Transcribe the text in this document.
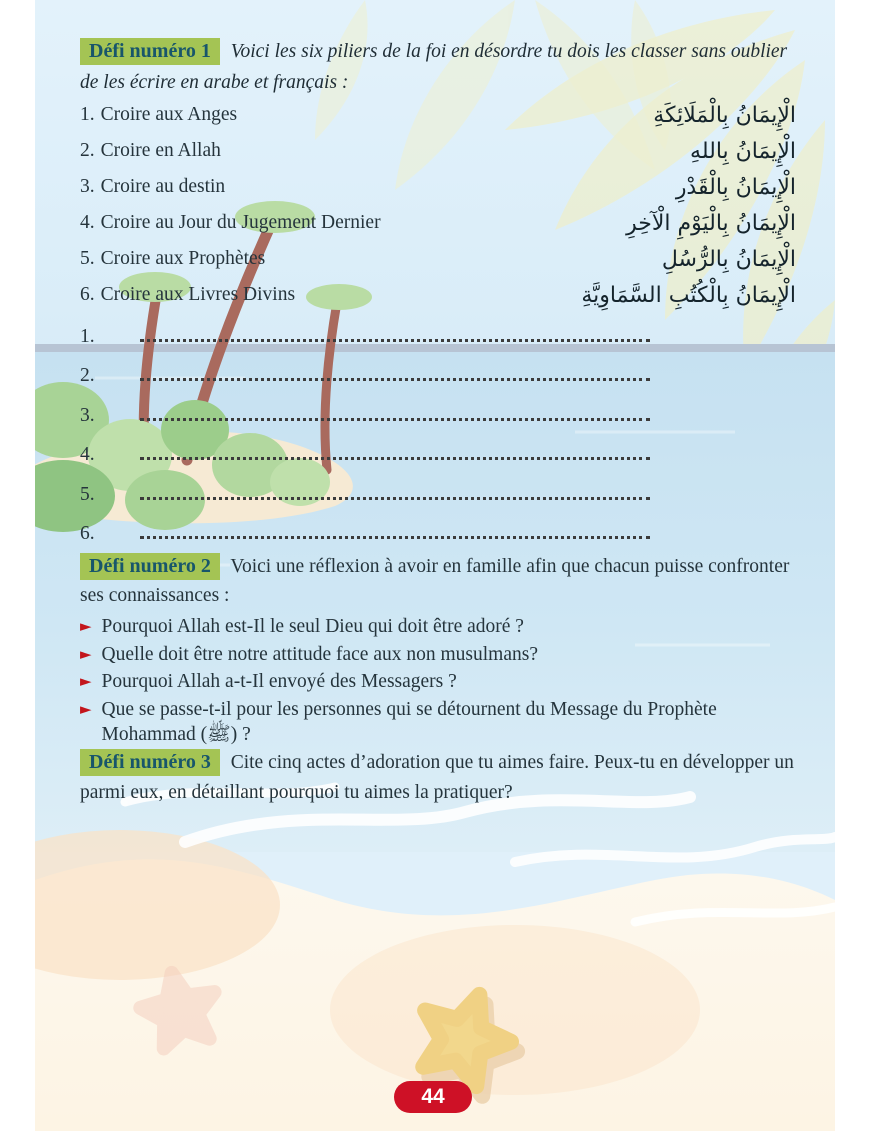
Défi numéro 1 Voici les six piliers de la foi en désordre tu dois les classer sans oublier de les écrire en arabe et français :

1. Croire aux Anges	الْإِيمَانُ بِالْمَلَائِكَةِ
2. Croire en Allah	الْإِيمَانُ بِاللهِ
3. Croire au destin	الْإِيمَانُ بِالْقَدْرِ
4. Croire au Jour du Jugement Dernier	الْإِيمَانُ بِالْيَوْمِ الْآخِرِ
5. Croire aux Prophètes	الْإِيمَانُ بِالرُّسُلِ
6. Croire aux Livres Divins	الْإِيمَانُ بِالْكُتُبِ السَّمَاوِيَّةِ
1.
2.
3.
4.
5.
6.

Défi numéro 2 Voici une réflexion à avoir en famille afin que chacun puisse confronter ses connaissances :

► Pourquoi Allah est-Il le seul Dieu qui doit être adoré ?
► Quelle doit être notre attitude face aux non musulmans?
► Pourquoi Allah a-t-Il envoyé des Messagers ?
► Que se passe-t-il pour les personnes qui se détournent du Message du Prophète Mohammad (ﷺ) ?

Défi numéro 3 Cite cinq actes d’adoration que tu aimes faire. Peux-tu en développer un parmi eux, en détaillant pourquoi tu aimes la pratiquer?

44
